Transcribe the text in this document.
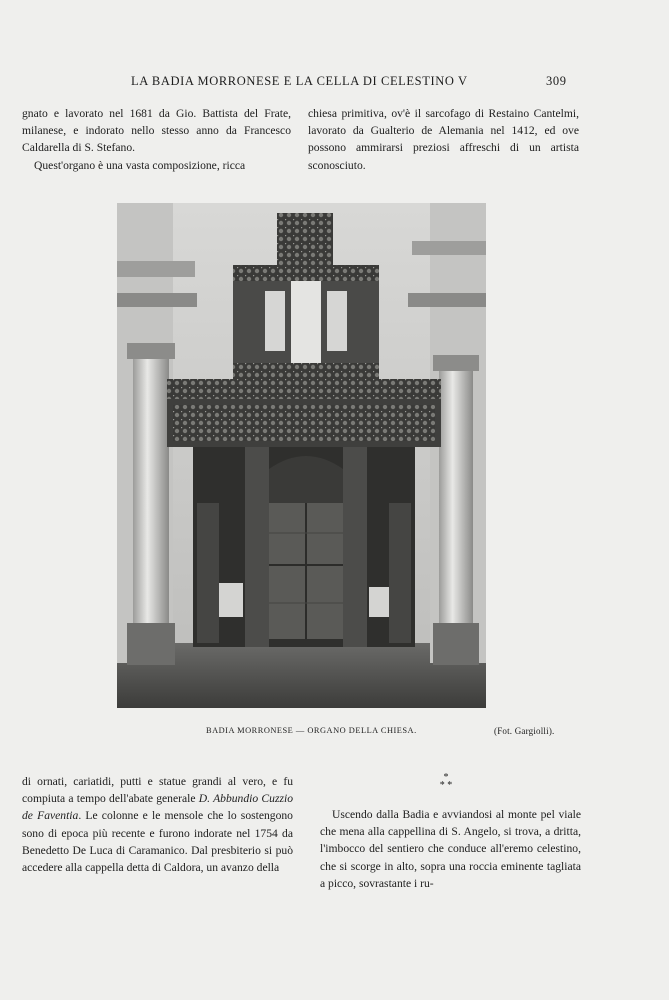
LA BADIA MORRONESE E LA CELLA DI CELESTINO V	309

gnato e lavorato nel 1681 da Gio. Battista del Frate, milanese, e indorato nello stesso anno da Francesco Caldarella di S. Stefano.

Quest'organo è una vasta composizione, ricca

chiesa primitiva, ov'è il sarcofago di Restaino Cantelmi, lavorato da Gualterio de Alemania nel 1412, ed ove possono ammirarsi preziosi affreschi di un artista sconosciuto.

BADIA MORRONESE — ORGANO DELLA CHIESA.	(Fot. Gargiolli).

di ornati, cariatidi, putti e statue grandi al vero, e fu compiuta a tempo dell'abate generale D. Abbundio Cuzzio de Faventia. Le colonne e le mensole che lo sostengono sono di epoca più recente e furono indorate nel 1754 da Benedetto De Luca di Caramanico. Dal presbiterio si può accedere alla cappella detta di Caldora, un avanzo della

*
* *

Uscendo dalla Badia e avviandosi al monte pel viale che mena alla cappellina di S. Angelo, si trova, a dritta, l'imbocco del sentiero che conduce all'eremo celestino, che si scorge in alto, sopra una roccia eminente tagliata a picco, sovrastante i ru-
